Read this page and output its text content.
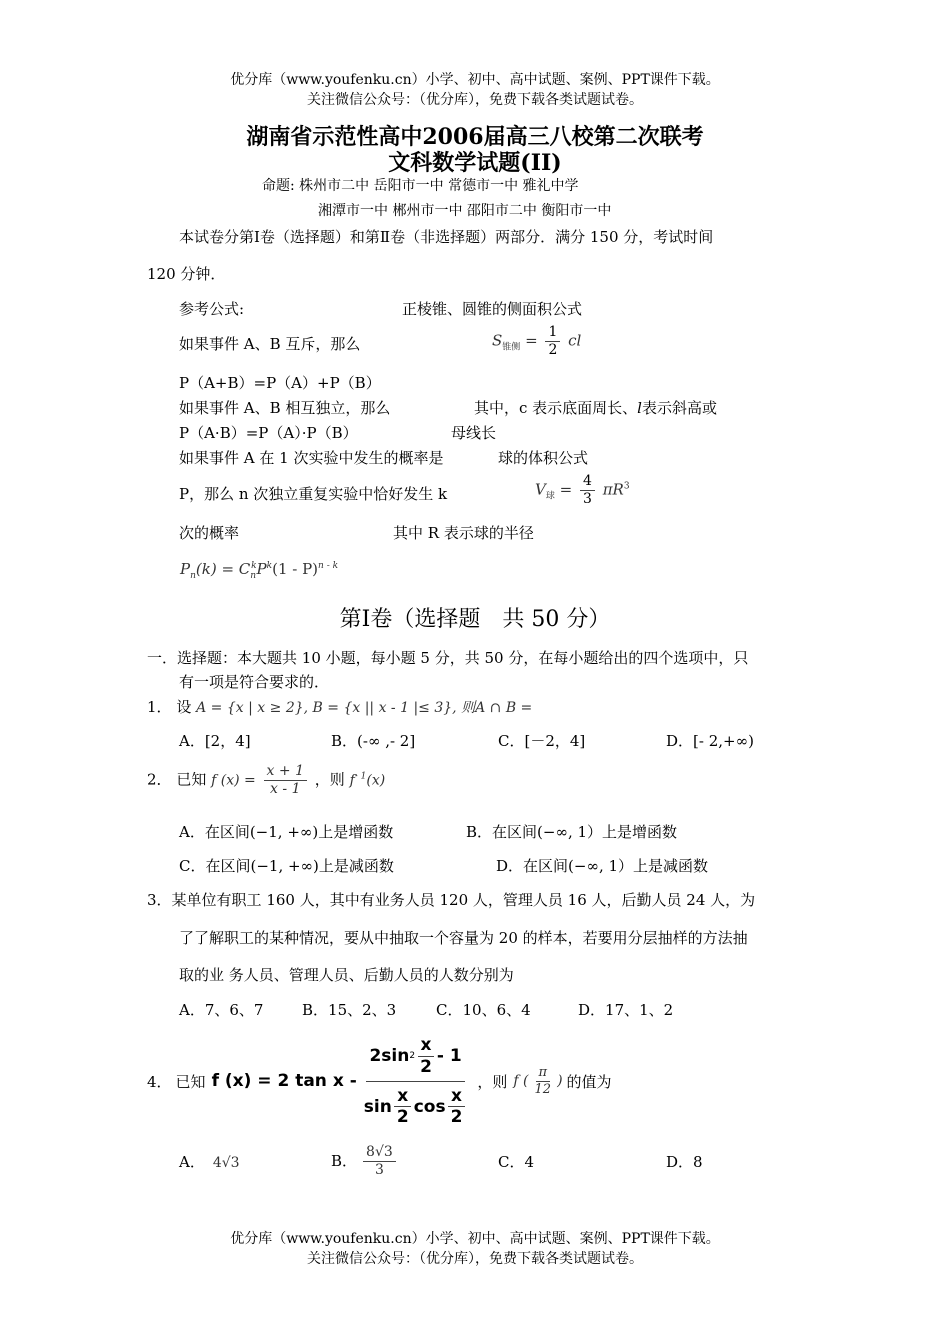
优分库（www.youfenku.cn）小学、初中、高中试题、案例、PPT课件下载。
关注微信公众号：（优分库），免费下载各类试题试卷。
湖南省示范性高中2006届高三八校第二次联考
文科数学试题(II)
命题: 株州市二中 岳阳市一中 常德市一中 雅礼中学
湘潭市一中 郴州市一中 邵阳市二中 衡阳市一中
本试卷分第Ⅰ卷（选择题）和第Ⅱ卷（非选择题）两部分．满分 150 分，考试时间
120 分钟．
参考公式:	正棱锥、圆锥的侧面积公式
如果事件 A、B 互斥，那么	$S_{锥侧} = \frac{1}{2}$ cl
P（A+B）=P（A）+P（B）
如果事件 A、B 相互独立，那么	其中，c 表示底面周长、l表示斜高或
P（A·B）=P（A）·P（B）	母线长
如果事件 A 在 1 次实验中发生的概率是	球的体积公式
P，那么 n 次独立重复实验中恰好发生 k	$V_球 = \frac{4}{3} \pi R^3$
次的概率	其中 R 表示球的半径
$P_n(k) = C_n^kP^k(1 - P)^{n - k}$
第Ⅰ卷（选择题　共 50 分）
一．选择题：本大题共 10 小题，每小题 5 分，共 50 分，在每小题给出的四个选项中，只
有一项是符合要求的．
1． 设 A = {x | x ≥ 2}, B = {x || x - 1 |≤ 3}, 则A ∩ B =
A．[2，4]	B．(-∞ ,- 2]	C．[－2，4]	D．[- 2,+∞)
2． 已知 f $(x) = \frac{x + 1}{x - 1}$ ，则 $f^{- 1}(x)$
A．在区间(−1, +∞)上是增函数	B．在区间(−∞, 1）上是增函数
C．在区间(−1, +∞)上是减函数	D．在区间(−∞, 1）上是减函数
3．某单位有职工 160 人，其中有业务人员 120 人，管理人员 16 人，后勤人员 24 人，为
了了解职工的某种情况，要从中抽取一个容量为 20 的样本，若要用分层抽样的方法抽
取的业 务人员、管理人员、后勤人员的人数分别为
A．7、6、7	B．15、2、3	C．10、6、4	D．17、1、2
4． 已知 f (x) = 2 tan x - $\frac{2\sin 2 \frac{x}{2} - 1}{\sin \frac{x}{2} \cos \frac{x}{2}}$ ，则 f ( $\frac{\pi}{12}$ ) 的值为
A． 4√3	B． $\frac{8√3}{3}$	C．4	D．8
优分库（www.youfenku.cn）小学、初中、高中试题、案例、PPT课件下载。
关注微信公众号：（优分库），免费下载各类试题试卷。
